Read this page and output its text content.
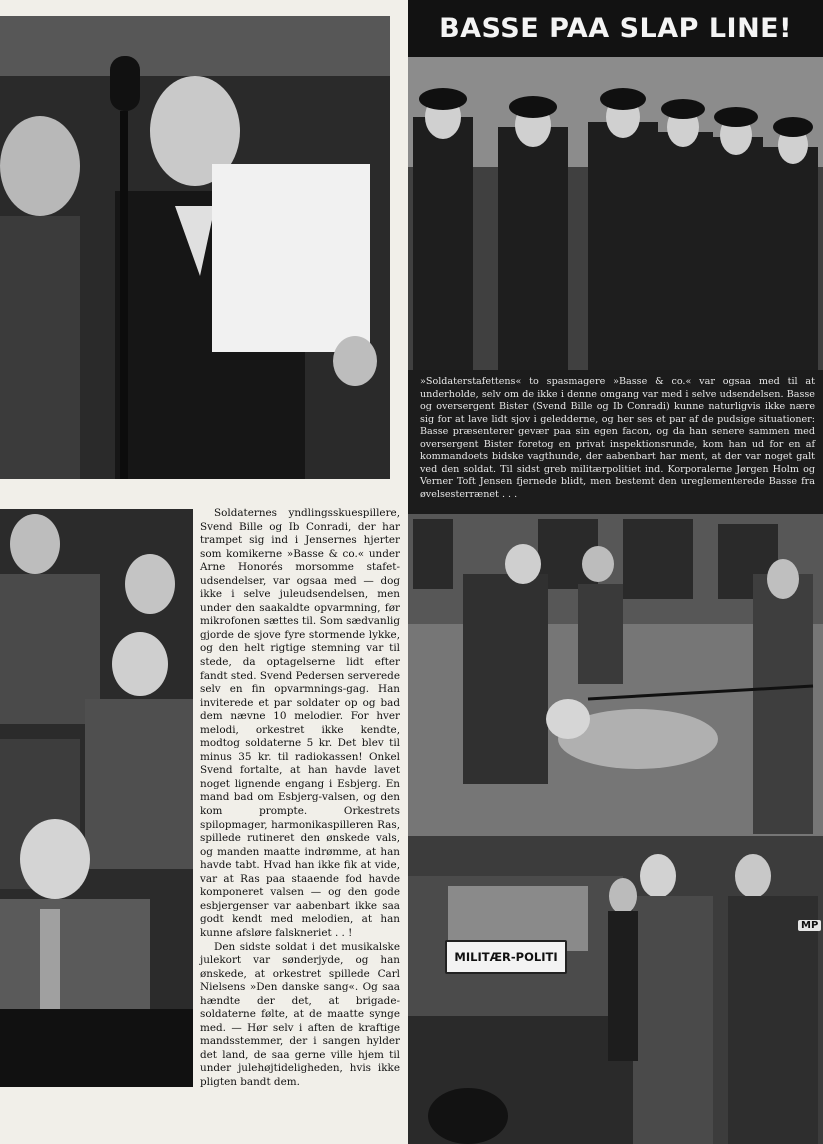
BASSE PAA SLAP LINE!
»Soldaterstafettens« to spasmagere »Basse & co.« var ogsaa med til at underholde, selv om de ikke i denne omgang var med i selve udsendelsen. Basse og oversergent Bister (Svend Bille og Ib Conradi) kunne naturligvis ikke nære sig for at lave lidt sjov i geledderne, og her ses et par af de pudsige situationer: Basse præsenterer gevær paa sin egen facon, og da han senere sammen med oversergent Bister foretog en privat inspektionsrunde, kom han ud for en af kommandoets bidske vagthunde, der aabenbart har ment, at der var noget galt ved den soldat. Til sidst greb militærpolitiet ind. Korporalerne Jørgen Holm og Verner Toft Jensen fjernede blidt, men bestemt den ureglementerede Basse fra øvelsesterrænet . . .

Soldaternes yndlingsskuespillere, Svend Bille og Ib Conradi, der har trampet sig ind i Jensernes hjerter som komikerne »Basse & co.« under Arne Honorés morsomme stafet-udsendelser, var ogsaa med — dog ikke i selve juleudsendelsen, men under den saakaldte opvarmning, før mikrofonen sættes til. Som sædvanlig gjorde de sjove fyre stormende lykke, og den helt rigtige stemning var til stede, da optagelserne lidt efter fandt sted. Svend Pedersen serverede selv en fin opvarmnings-gag. Han inviterede et par soldater op og bad dem nævne 10 melodier. For hver melodi, orkestret ikke kendte, modtog soldaterne 5 kr. Det blev til minus 35 kr. til radiokassen! Onkel Svend fortalte, at han havde lavet noget lignende engang i Esbjerg. En mand bad om Esbjerg-valsen, og den kom prompte. Orkestrets spilopmager, harmonikaspilleren Ras, spillede rutineret den ønskede vals, og manden maatte indrømme, at han havde tabt. Hvad han ikke fik at vide, var at Ras paa staaende fod havde komponeret valsen — og den gode esbjergenser var aabenbart ikke saa godt kendt med melodien, at han kunne afsløre falskneriet . . !

Den sidste soldat i det musikalske julekort var sønderjyde, og han ønskede, at orkestret spillede Carl Nielsens »Den danske sang«. Og saa hændte der det, at brigade-soldaterne følte, at de maatte synge med. — Hør selv i aften de kraftige mandsstemmer, der i sangen hylder det land, de saa gerne ville hjem til under julehøjtideligheden, hvis ikke pligten bandt dem.

MILITÆR-POLITI
MP
